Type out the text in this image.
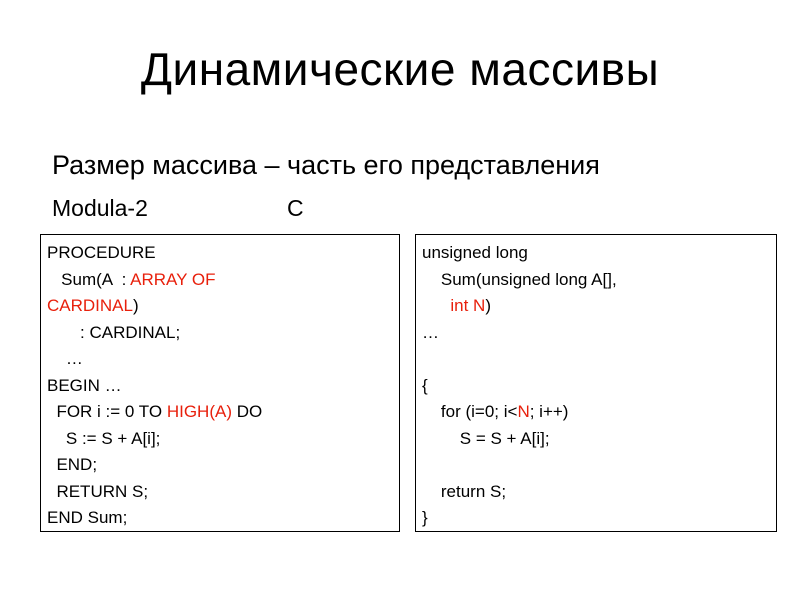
Динамические массивы
Размер массива – часть его представления
Modula-2	C
PROCEDURE
Sum(A  : ARRAY OF
CARDINAL)
: CARDINAL;
…
BEGIN …
FOR i := 0 TO HIGH(A) DO
S := S + A[i];
END;
RETURN S;
END Sum;
unsigned long
Sum(unsigned long A[],
int N)
…
{
for (i=0; i<N; i++)
S = S + A[i];
return S;
}
